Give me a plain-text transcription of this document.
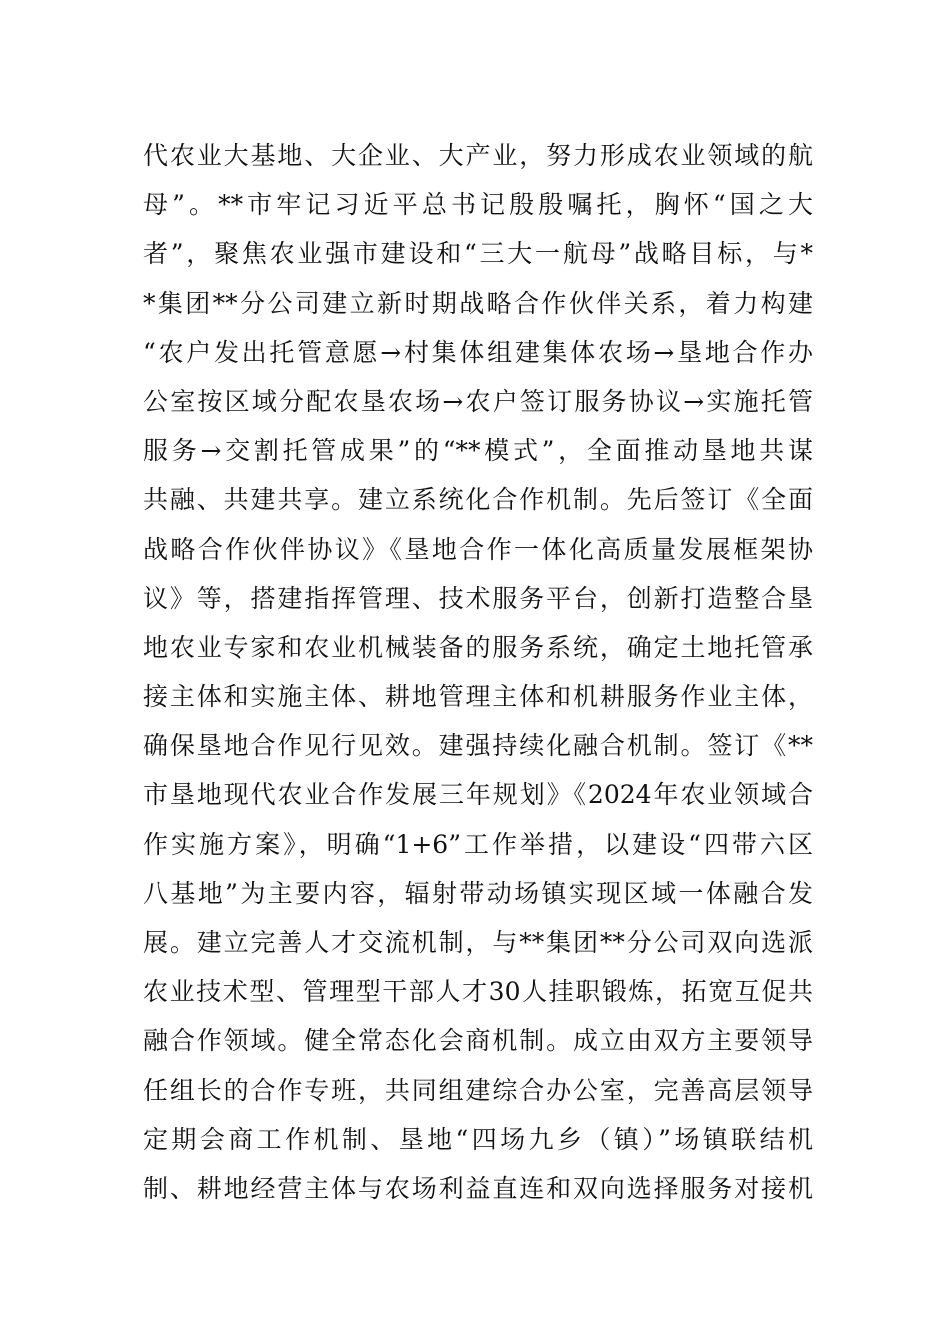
代农业大基地、大企业、大产业，努力形成农业领域的航
母”。**市牢记习近平总书记殷殷嘱托，胸怀“国之大
者”，聚焦农业强市建设和“三大一航母”战略目标，与*
*集团**分公司建立新时期战略合作伙伴关系，着力构建
“农户发出托管意愿→村集体组建集体农场→垦地合作办
公室按区域分配农垦农场→农户签订服务协议→实施托管
服务→交割托管成果”的“**模式”，全面推动垦地共谋
共融、共建共享。建立系统化合作机制。先后签订《全面
战略合作伙伴协议》《垦地合作一体化高质量发展框架协
议》等，搭建指挥管理、技术服务平台，创新打造整合垦
地农业专家和农业机械装备的服务系统，确定土地托管承
接主体和实施主体、耕地管理主体和机耕服务作业主体，
确保垦地合作见行见效。建强持续化融合机制。签订《**
市垦地现代农业合作发展三年规划》《2024年农业领域合
作实施方案》，明确“1+6”工作举措，以建设“四带六区
八基地”为主要内容，辐射带动场镇实现区域一体融合发
展。建立完善人才交流机制，与**集团**分公司双向选派
农业技术型、管理型干部人才30人挂职锻炼，拓宽互促共
融合作领域。健全常态化会商机制。成立由双方主要领导
任组长的合作专班，共同组建综合办公室，完善高层领导
定期会商工作机制、垦地“四场九乡（镇）”场镇联结机
制、耕地经营主体与农场利益直连和双向选择服务对接机
